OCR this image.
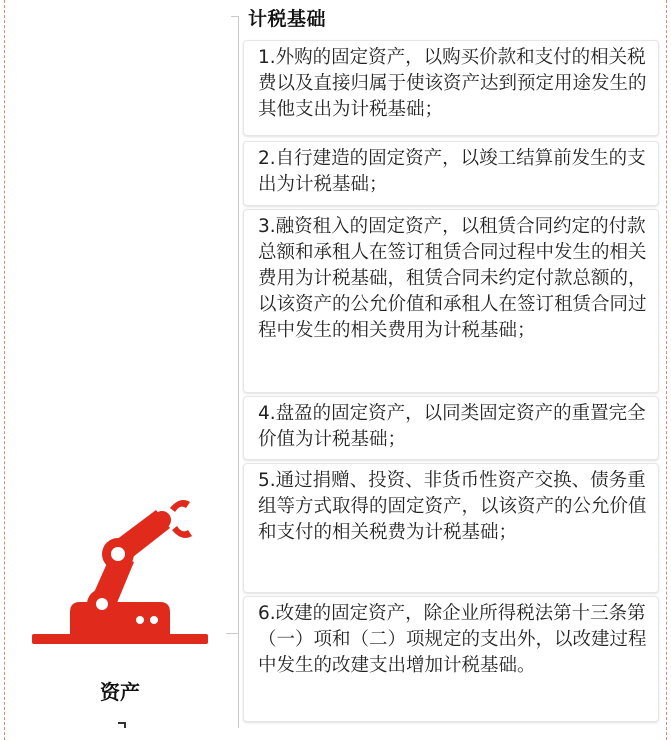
计税基础
1.外购的固定资产，以购买价款和支付的相关税费以及直接归属于使该资产达到预定用途发生的其他支出为计税基础；
2.自行建造的固定资产，以竣工结算前发生的支出为计税基础；
3.融资租入的固定资产，以租赁合同约定的付款总额和承租人在签订租赁合同过程中发生的相关费用为计税基础，租赁合同未约定付款总额的，以该资产的公允价值和承租人在签订租赁合同过程中发生的相关费用为计税基础；
4.盘盈的固定资产，以同类固定资产的重置完全价值为计税基础；
5.通过捐赠、投资、非货币性资产交换、债务重组等方式取得的固定资产，以该资产的公允价值和支付的相关税费为计税基础；
6.改建的固定资产，除企业所得税法第十三条第（一）项和（二）项规定的支出外，以改建过程中发生的改建支出增加计税基础。
资产
